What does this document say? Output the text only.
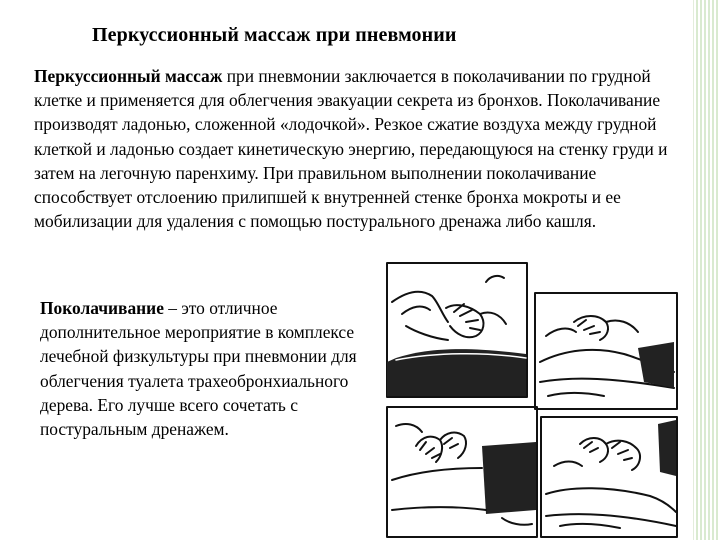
Перкуссионный массаж при пневмонии
Перкуссионный массаж при пневмонии заключается в поколачивании по грудной клетке и применяется для облегчения эвакуации секрета из бронхов. Поколачивание производят ладонью, сложенной «лодочкой». Резкое сжатие воздуха между грудной клеткой и ладонью создает кинетическую энергию, передающуюся на стенку груди и затем на легочную паренхиму. При правильном выполнении поколачивание способствует отслоению прилипшей к внутренней стенке бронха мокроты и ее мобилизации для удаления с помощью постурального дренажа либо кашля.
Поколачивание – это отличное дополнительное мероприятие в комплексе лечебной физкультуры при пневмонии для облегчения туалета трахеобронхиального дерева. Его лучше всего сочетать с постуральным дренажем.
